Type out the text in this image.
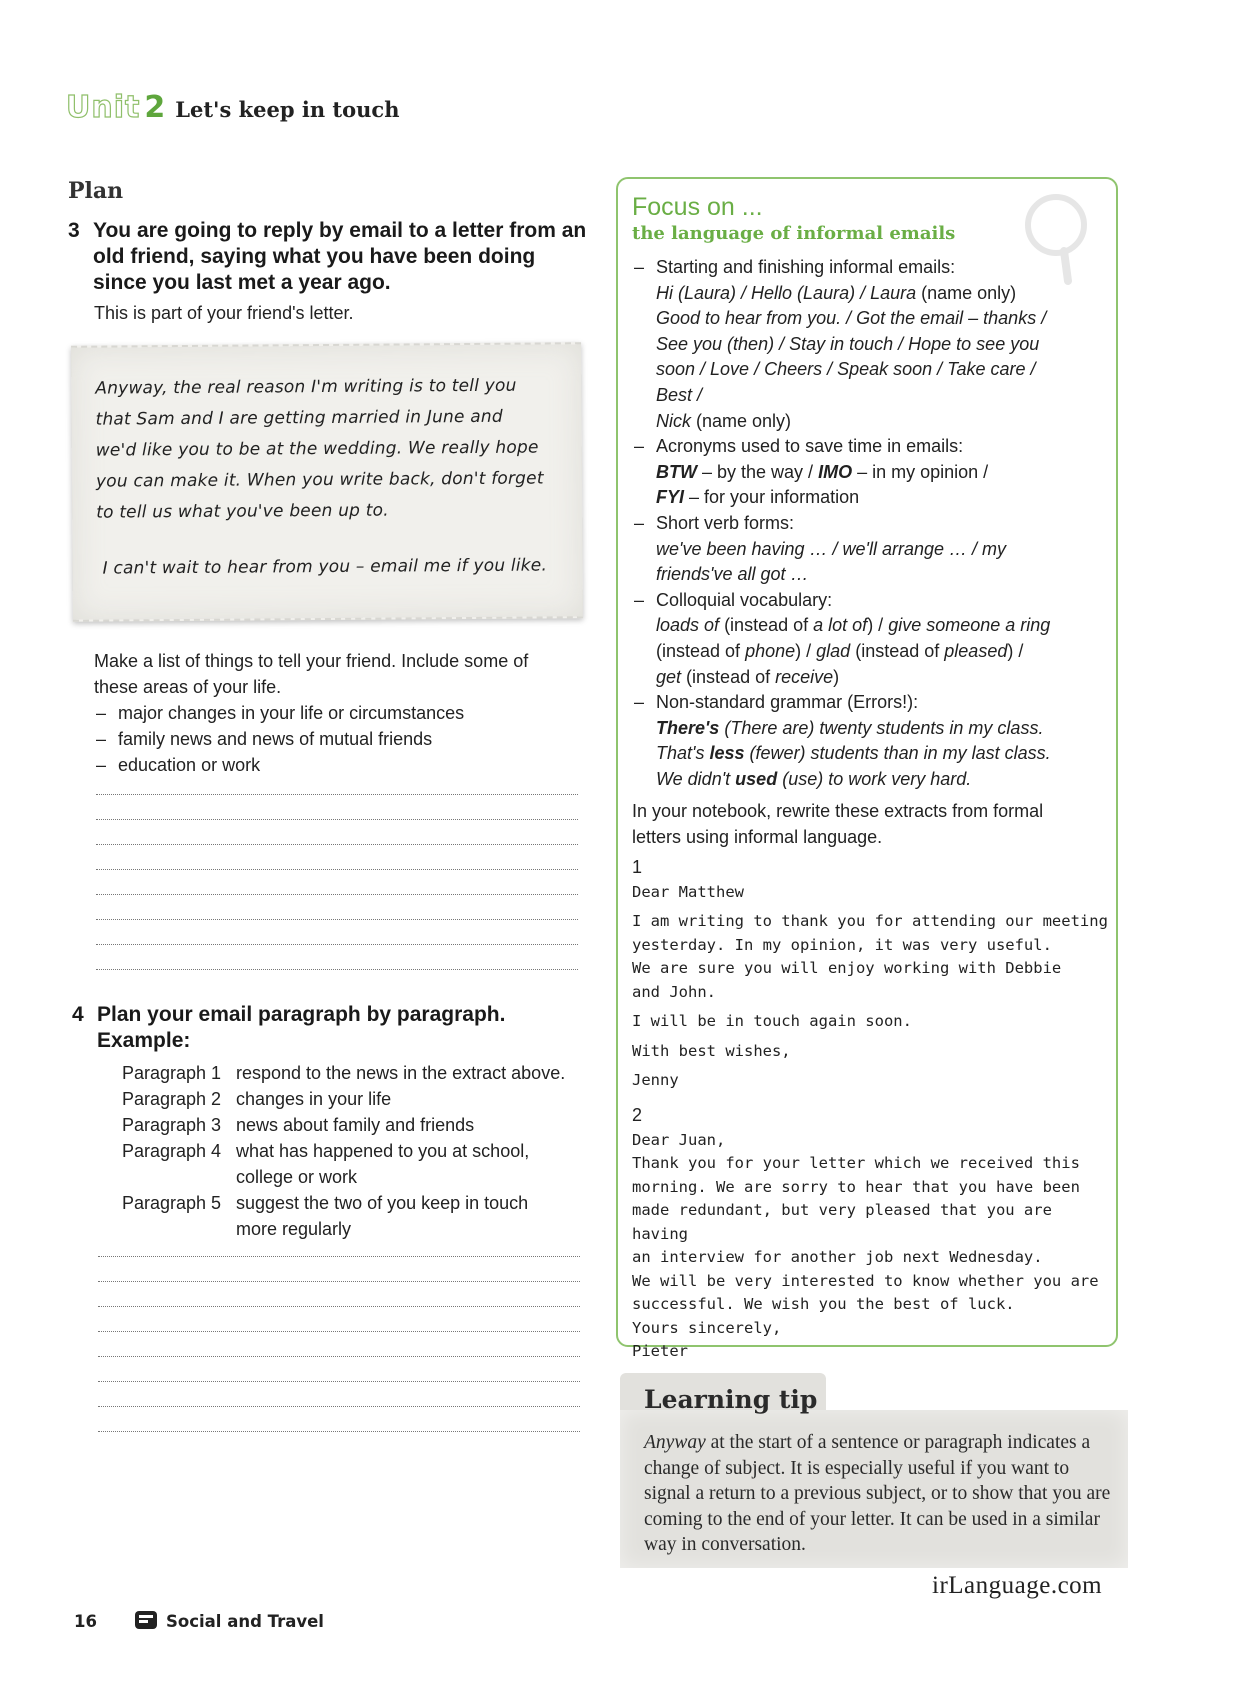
Unit 2 Let's keep in touch
Plan
3 You are going to reply by email to a letter from an old friend, saying what you have been doing since you last met a year ago.
This is part of your friend's letter.
Anyway, the real reason I'm writing is to tell you
that Sam and I are getting married in June and
we'd like you to be at the wedding. We really hope
you can make it. When you write back, don't forget
to tell us what you've been up to.
I can't wait to hear from you – email me if you like.
Make a list of things to tell your friend. Include some of these areas of your life.
– major changes in your life or circumstances
– family news and news of mutual friends
– education or work
4 Plan your email paragraph by paragraph.
Example:
Paragraph 1 respond to the news in the extract above.
Paragraph 2 changes in your life
Paragraph 3 news about family and friends
Paragraph 4 what has happened to you at school, college or work
Paragraph 5 suggest the two of you keep in touch more regularly
Focus on ...
the language of informal emails
– Starting and finishing informal emails:
Hi (Laura) / Hello (Laura) / Laura (name only)
Good to hear from you. / Got the email – thanks / See you (then) / Stay in touch / Hope to see you soon / Love / Cheers / Speak soon / Take care / Best /
Nick (name only)
– Acronyms used to save time in emails:
BTW – by the way / IMO – in my opinion /
FYI – for your information
– Short verb forms:
we've been having … / we'll arrange … / my friends've all got …
– Colloquial vocabulary:
loads of (instead of a lot of) / give someone a ring
(instead of phone) / glad (instead of pleased) /
get (instead of receive)
– Non-standard grammar (Errors!):
There's (There are) twenty students in my class.
That's less (fewer) students than in my last class.
We didn't used (use) to work very hard.
In your notebook, rewrite these extracts from formal letters using informal language.
1
Dear Matthew
I am writing to thank you for attending our meeting
yesterday. In my opinion, it was very useful.
We are sure you will enjoy working with Debbie
and John.
I will be in touch again soon.
With best wishes,
Jenny
2
Dear Juan,
Thank you for your letter which we received this
morning. We are sorry to hear that you have been
made redundant, but very pleased that you are having
an interview for another job next Wednesday.
We will be very interested to know whether you are
successful. We wish you the best of luck.
Yours sincerely,
Pieter
Learning tip
Anyway at the start of a sentence or paragraph indicates a change of subject. It is especially useful if you want to signal a return to a previous subject, or to show that you are coming to the end of your letter. It can be used in a similar way in conversation.
irLanguage.com
16	Social and Travel
